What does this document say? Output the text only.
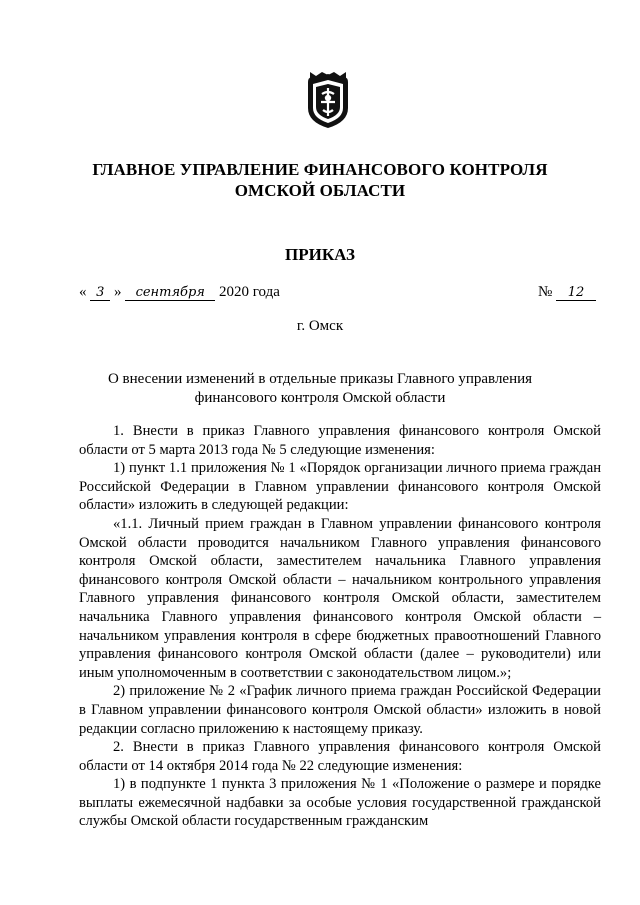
ГЛАВНОЕ УПРАВЛЕНИЕ ФИНАНСОВОГО КОНТРОЛЯ
ОМСКОЙ ОБЛАСТИ
ПРИКАЗ
« 3 » сентября 2020 года	№ 12
г. Омск
О внесении изменений в отдельные приказы Главного управления
финансового контроля Омской области

1. Внести в приказ Главного управления финансового контроля Омской области от 5 марта 2013 года № 5 следующие изменения:

1) пункт 1.1 приложения № 1 «Порядок организации личного приема граждан Российской Федерации в Главном управлении финансового контроля Омской области» изложить в следующей редакции:

«1.1. Личный прием граждан в Главном управлении финансового контроля Омской области проводится начальником Главного управления финансового контроля Омской области, заместителем начальника Главного управления финансового контроля Омской области – начальником контрольного управления Главного управления финансового контроля Омской области, заместителем начальника Главного управления финансового контроля Омской области – начальником управления контроля в сфере бюджетных правоотношений Главного управления финансового контроля Омской области (далее – руководители) или иным уполномоченным в соответствии с законодательством лицом.»;

2) приложение № 2 «График личного приема граждан Российской Федерации в Главном управлении финансового контроля Омской области» изложить в новой редакции согласно приложению к настоящему приказу.

2. Внести в приказ Главного управления финансового контроля Омской области от 14 октября 2014 года № 22 следующие изменения:

1) в подпункте 1 пункта 3 приложения № 1 «Положение о размере и порядке выплаты ежемесячной надбавки за особые условия государственной гражданской службы Омской области государственным гражданским
